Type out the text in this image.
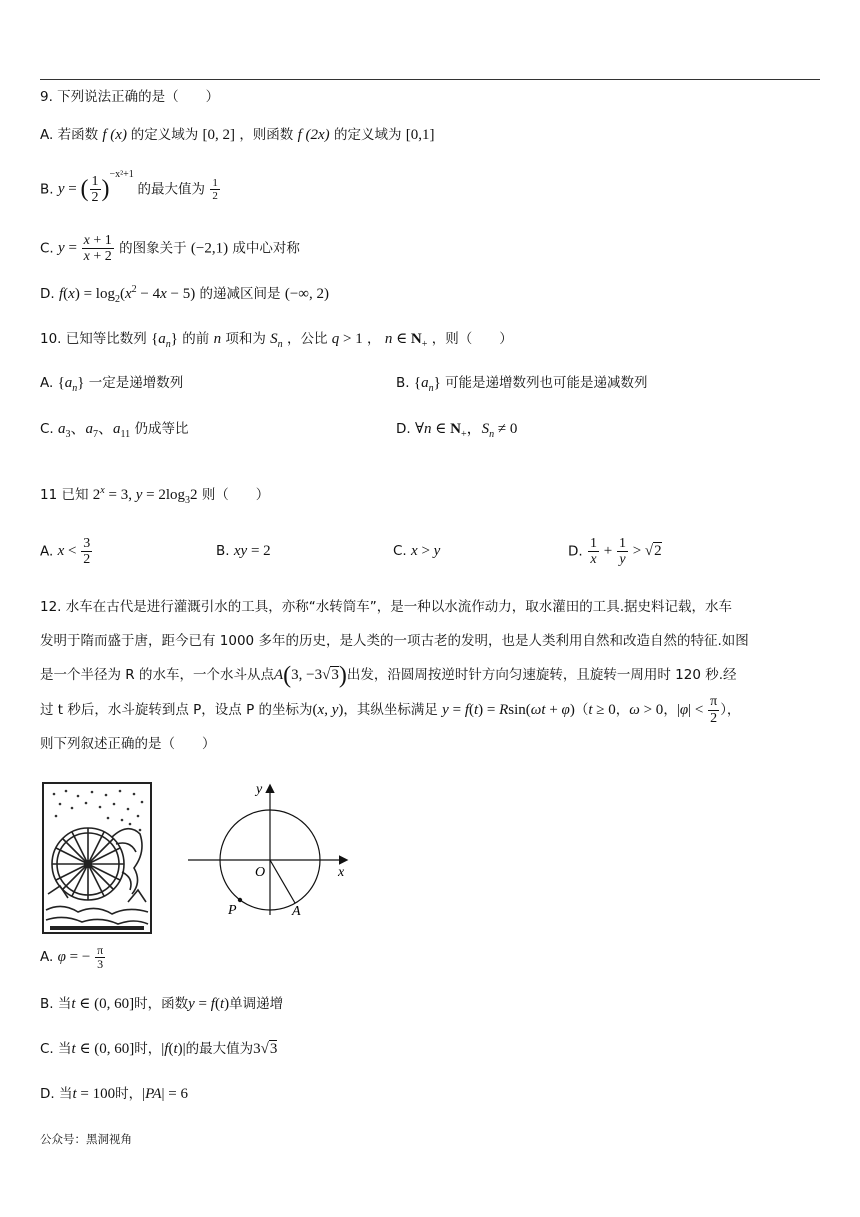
9. 下列说法正确的是（　　）
A. 若函数 f (x) 的定义域为 [0, 2] ，则函数 f (2x) 的定义域为 [0,1]
B. y = ( $\frac{1}{2} )^{-x^2+1}$ 的最大值为 $\frac{1}{2}$
C. $y = \frac{x + 1}{x + 2}$ 的图象关于 (−2,1) 成中心对称
D. $f(x) = \log_2(x^2 - 4x - 5)$ 的递减区间是 (−∞, 2)
10. 已知等比数列 $\{a_n\}$ 的前 n 项和为 $S_n$ ，公比 q > 1 ， n ∈ $N_+$ ，则（　　）
A. $\{a_n\}$ 一定是递增数列	B. $\{a_n\}$ 可能是递增数列也可能是递减数列
C. $a_3$、$a_7$、$a_{11}$ 仍成等比	D. ∀n ∈ $N_+$，$S_n \ne 0$
11 已知 $2^x = 3$, $y = 2\log_32$ 则（　　）
A. $x < \frac{3}{2}$	B. xy = 2	C. x > y	D. $\frac{1}{x} + \frac{1}{y} > √2$
12. 水车在古代是进行灌溉引水的工具，亦称“水转筒车”，是一种以水流作动力，取水灌田的工具.据史料记载，水车
发明于隋而盛于唐，距今已有 1000 多年的历史，是人类的一项古老的发明，也是人类利用自然和改造自然的特征.如图
是一个半径为 R 的水车，一个水斗从点A(3, −3√3)出发，沿圆周按逆时针方向匀速旋转，且旋转一周用时 120 秒.经
过 t 秒后，水斗旋转到点 P，设点 P 的坐标为(x, y)，其纵坐标满足 y = f(t) = Rsin(ωt + φ)（t ≥ 0，ω > 0，$|\varphi| < \frac{\pi}{2}$ ），
则下列叙述正确的是（　　）
y
x
O
P	A
A. φ = − $\frac{\pi}{3}$
B. 当t ∈ (0, 60]时，函数y = f(t)单调递增
C. 当t ∈ (0, 60]时，|f(t)|的最大值为3√3
D. 当t = 100时，|PA| = 6
公众号：黑洞视角
